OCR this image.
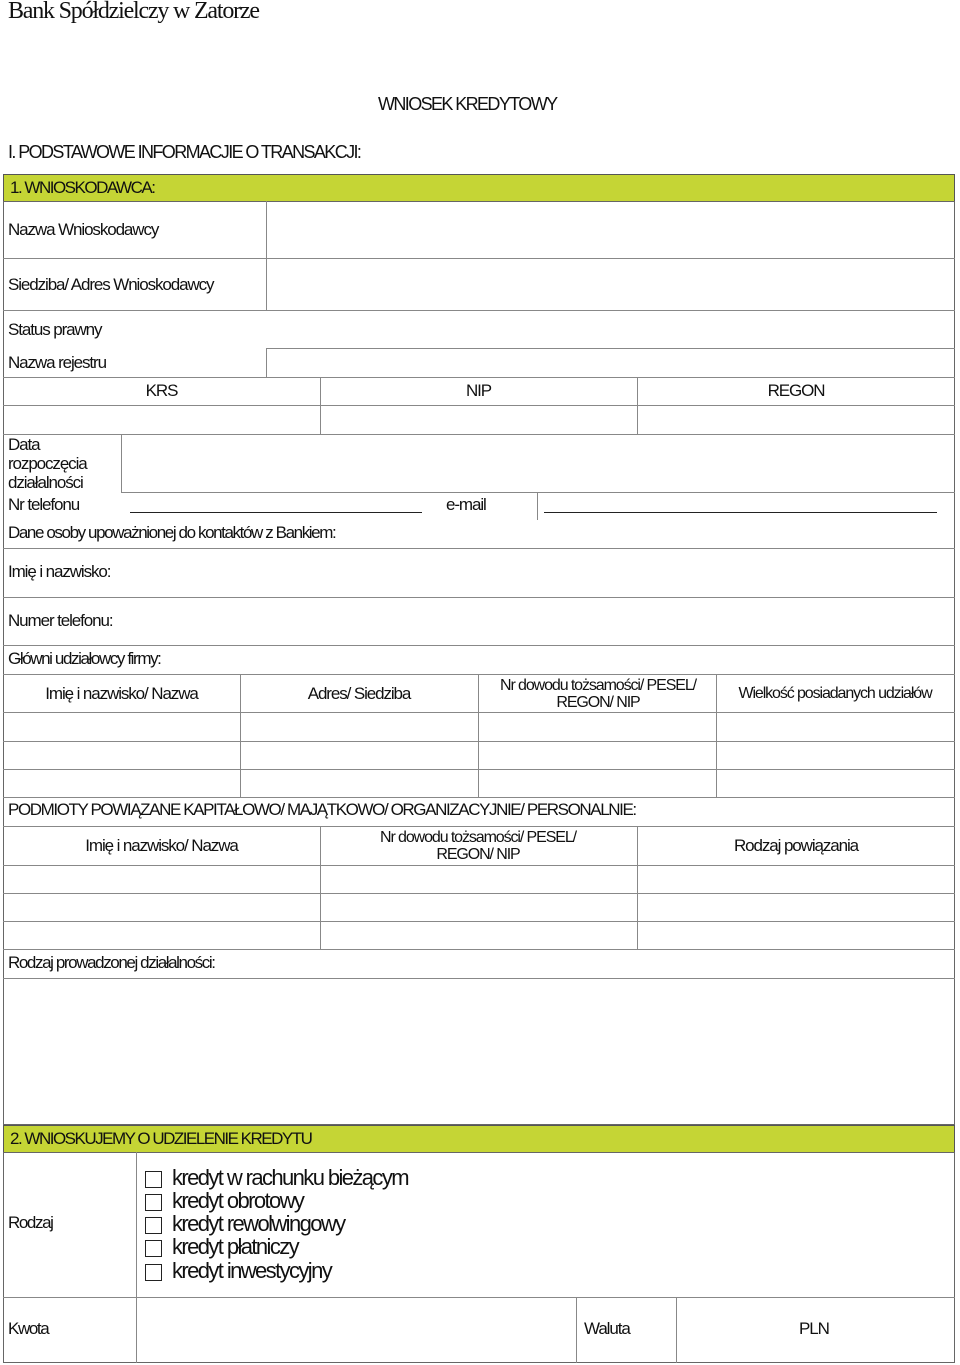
Bank Spółdzielczy w Zatorze
WNIOSEK KREDYTOWY
I. PODSTAWOWE INFORMACJIE O TRANSAKCJI:
1. WNIOSKODAWCA:
Nazwa Wnioskodawcy
Siedziba/ Adres Wnioskodawcy
Status prawny
Nazwa rejestru
KRS	NIP	REGON
Data rozpoczęcia działalności
Nr telefonu	e-mail
Dane osoby upoważnionej do kontaktów z Bankiem:
Imię i nazwisko:
Numer telefonu:
Główni udziałowcy firmy:
Imię i nazwisko/ Nazwa	Adres/ Siedziba	Nr dowodu tożsamości/ PESEL/ REGON/ NIP	Wielkość posiadanych udziałów
PODMIOTY POWIĄZANE KAPITAŁOWO/ MAJĄTKOWO/ ORGANIZACYJNIE/ PERSONALNIE:
Imię i nazwisko/ Nazwa	Nr dowodu tożsamości/ PESEL/ REGON/ NIP	Rodzaj powiązania
Rodzaj prowadzonej działalności:
2. WNIOSKUJEMY O UDZIELENIE KREDYTU
Rodzaj
kredyt w rachunku bieżącym
kredyt obrotowy
kredyt rewolwingowy
kredyt płatniczy
kredyt inwestycyjny
Kwota	Waluta	PLN
